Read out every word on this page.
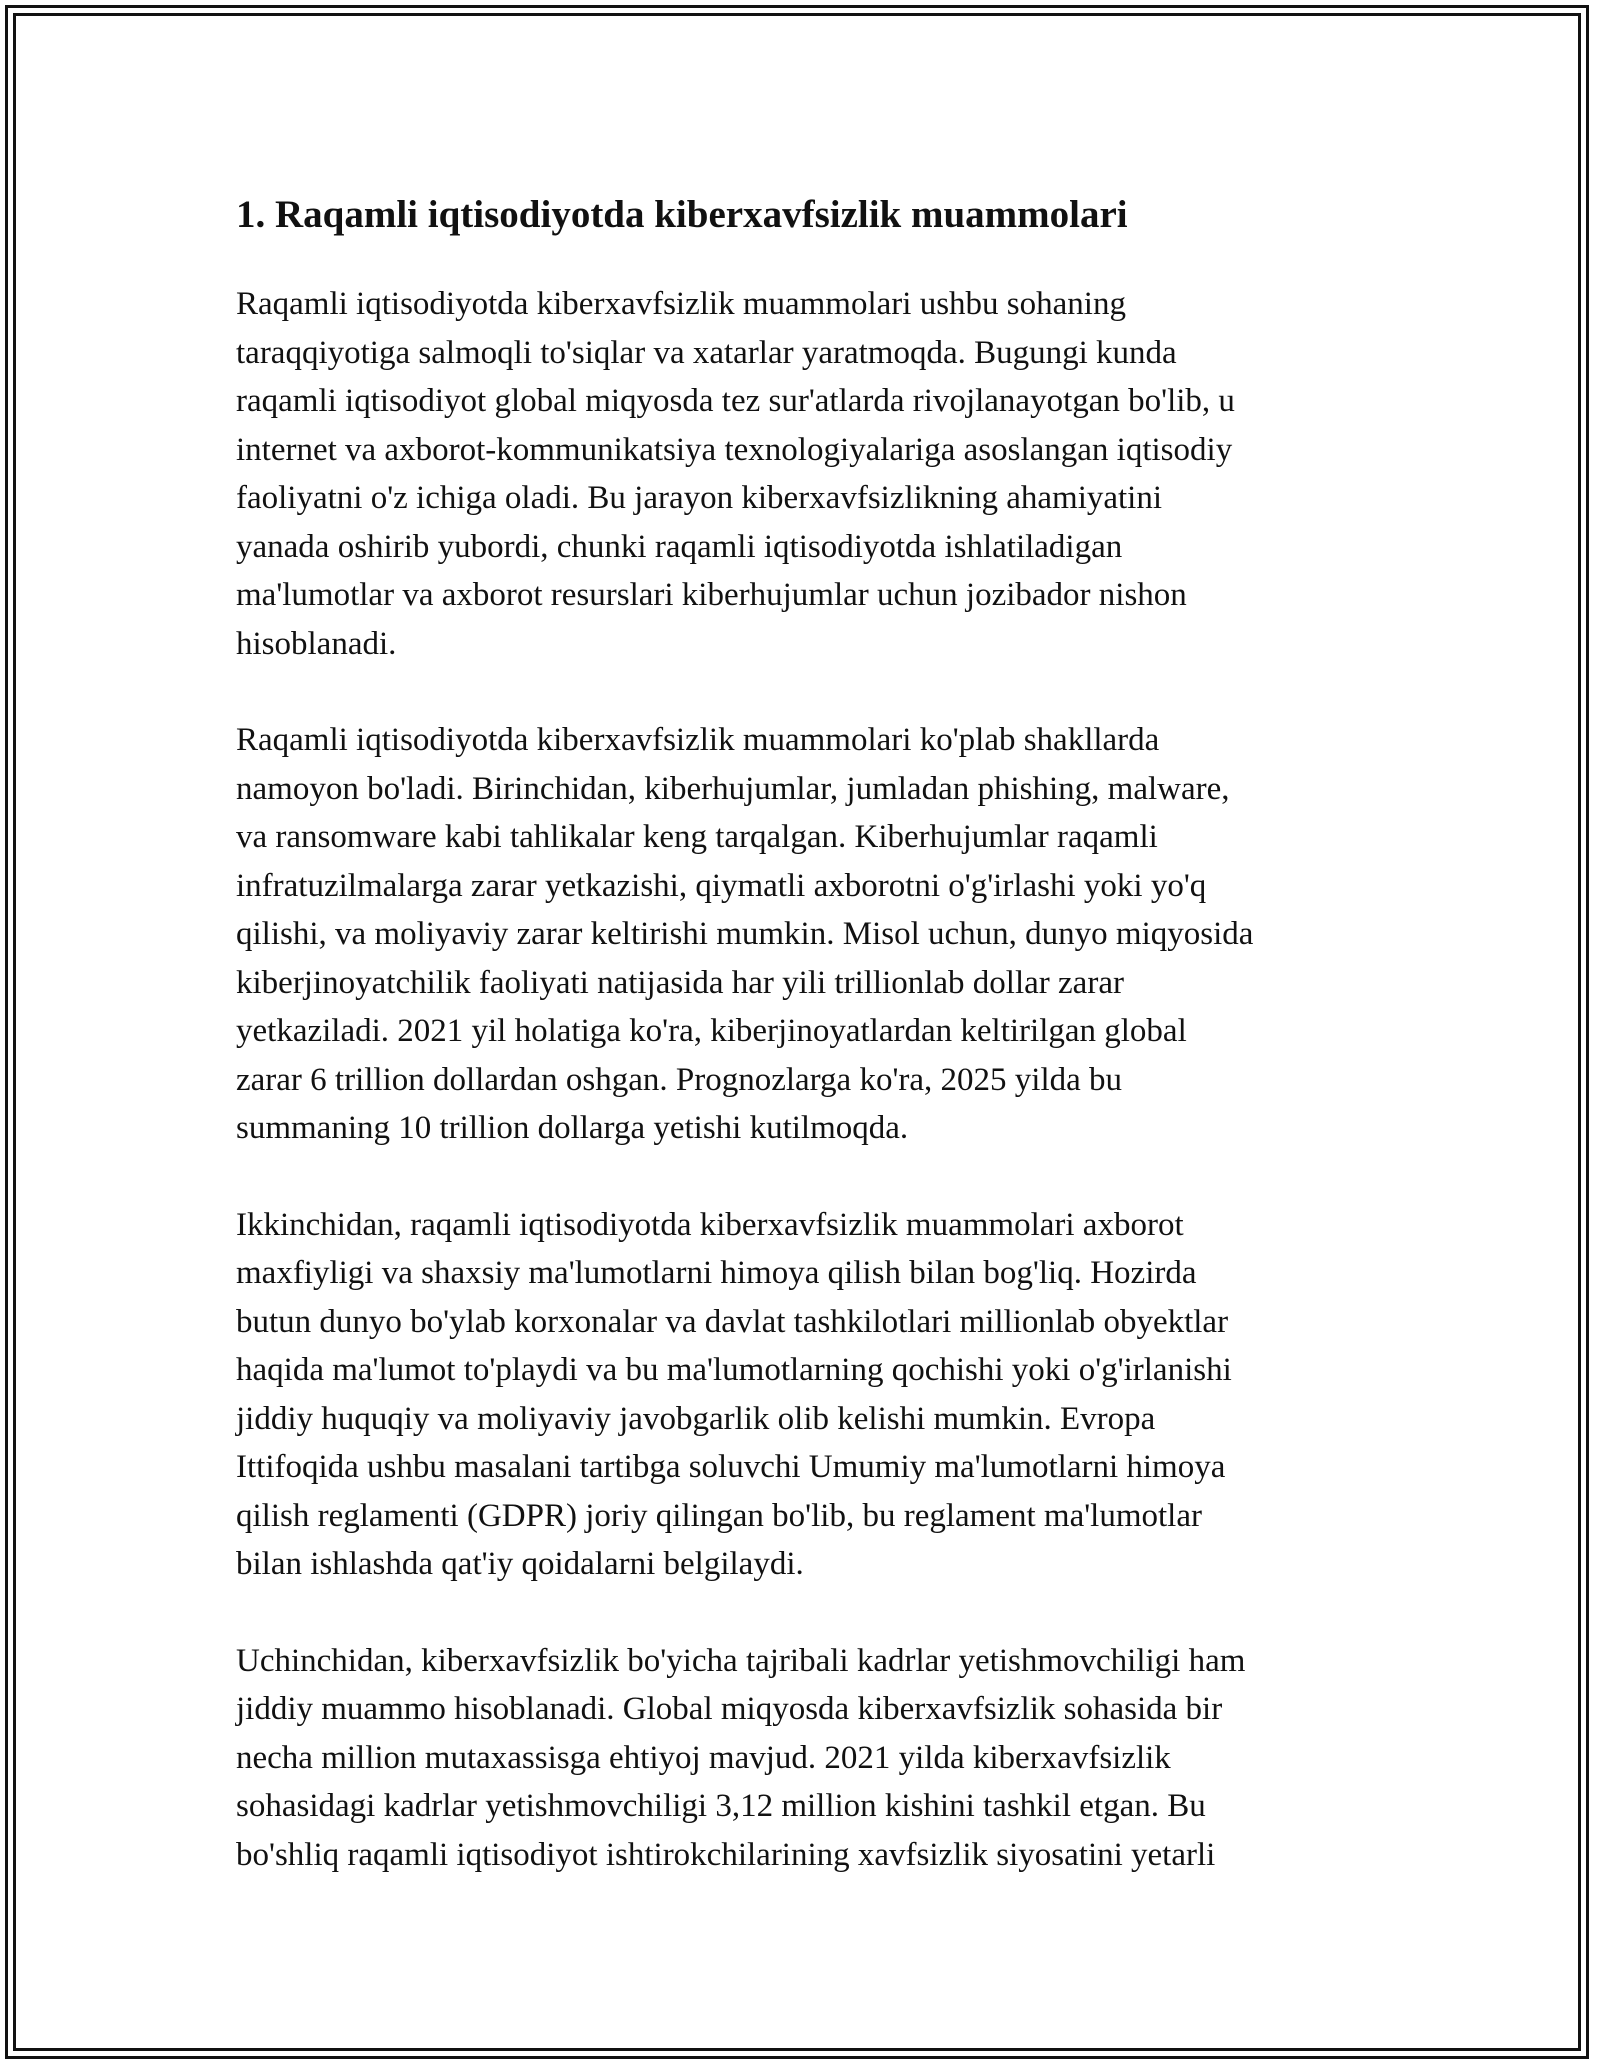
1. Raqamli iqtisodiyotda kiberxavfsizlik muammolari

Raqamli iqtisodiyotda kiberxavfsizlik muammolari ushbu sohaning
taraqqiyotiga salmoqli to'siqlar va xatarlar yaratmoqda. Bugungi kunda
raqamli iqtisodiyot global miqyosda tez sur'atlarda rivojlanayotgan bo'lib, u
internet va axborot-kommunikatsiya texnologiyalariga asoslangan iqtisodiy
faoliyatni o'z ichiga oladi. Bu jarayon kiberxavfsizlikning ahamiyatini
yanada oshirib yubordi, chunki raqamli iqtisodiyotda ishlatiladigan
ma'lumotlar va axborot resurslari kiberhujumlar uchun jozibador nishon
hisoblanadi.

Raqamli iqtisodiyotda kiberxavfsizlik muammolari ko'plab shakllarda
namoyon bo'ladi. Birinchidan, kiberhujumlar, jumladan phishing, malware,
va ransomware kabi tahlikalar keng tarqalgan. Kiberhujumlar raqamli
infratuzilmalarga zarar yetkazishi, qiymatli axborotni o'g'irlashi yoki yo'q
qilishi, va moliyaviy zarar keltirishi mumkin. Misol uchun, dunyo miqyosida
kiberjinoyatchilik faoliyati natijasida har yili trillionlab dollar zarar
yetkaziladi. 2021 yil holatiga ko'ra, kiberjinoyatlardan keltirilgan global
zarar 6 trillion dollardan oshgan. Prognozlarga ko'ra, 2025 yilda bu
summaning 10 trillion dollarga yetishi kutilmoqda.

Ikkinchidan, raqamli iqtisodiyotda kiberxavfsizlik muammolari axborot
maxfiyligi va shaxsiy ma'lumotlarni himoya qilish bilan bog'liq. Hozirda
butun dunyo bo'ylab korxonalar va davlat tashkilotlari millionlab obyektlar
haqida ma'lumot to'playdi va bu ma'lumotlarning qochishi yoki o'g'irlanishi
jiddiy huquqiy va moliyaviy javobgarlik olib kelishi mumkin. Evropa
Ittifoqida ushbu masalani tartibga soluvchi Umumiy ma'lumotlarni himoya
qilish reglamenti (GDPR) joriy qilingan bo'lib, bu reglament ma'lumotlar
bilan ishlashda qat'iy qoidalarni belgilaydi.

Uchinchidan, kiberxavfsizlik bo'yicha tajribali kadrlar yetishmovchiligi ham
jiddiy muammo hisoblanadi. Global miqyosda kiberxavfsizlik sohasida bir
necha million mutaxassisga ehtiyoj mavjud. 2021 yilda kiberxavfsizlik
sohasidagi kadrlar yetishmovchiligi 3,12 million kishini tashkil etgan. Bu
bo'shliq raqamli iqtisodiyot ishtirokchilarining xavfsizlik siyosatini yetarli
